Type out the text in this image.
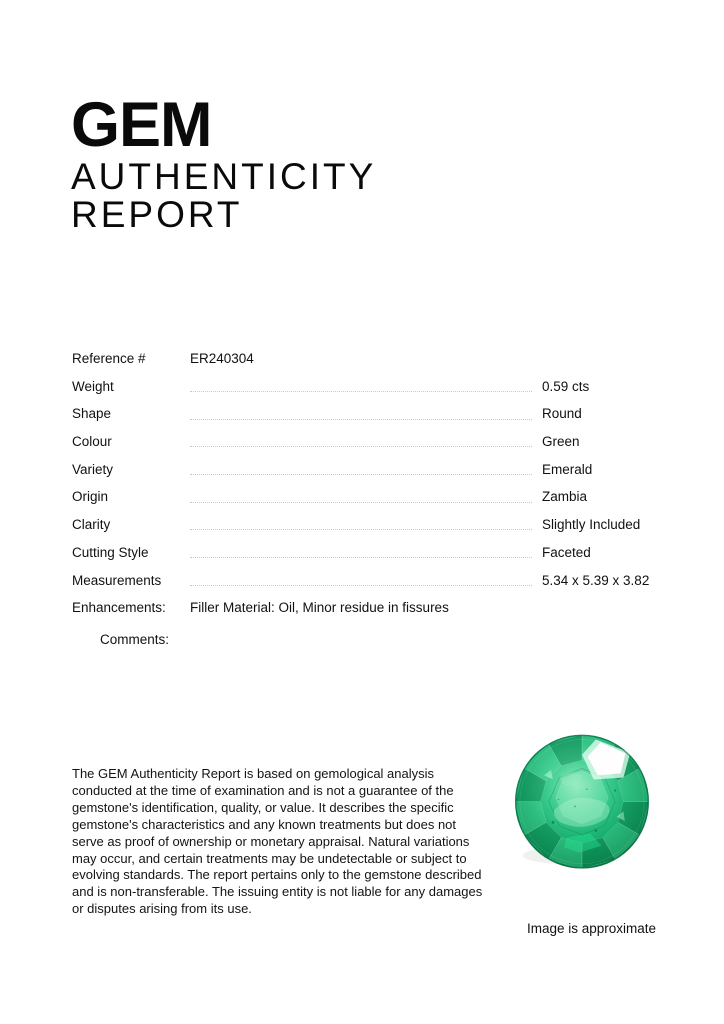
GEM
AUTHENTICITY
REPORT
Reference #	ER240304
Weight	0.59 cts
Shape	Round
Colour	Green
Variety	Emerald
Origin	Zambia
Clarity	Slightly Included
Cutting Style	Faceted
Measurements	5.34 x 5.39 x 3.82
Enhancements:	Filler Material: Oil, Minor residue in fissures
Comments:
The GEM Authenticity Report is based on gemological analysis conducted at the time of examination and is not a guarantee of the gemstone's identification, quality, or value. It describes the specific gemstone's characteristics and any known treatments but does not serve as proof of ownership or monetary appraisal. Natural variations may occur, and certain treatments may be undetectable or subject to evolving standards. The report pertains only to the gemstone described and is non-transferable. The issuing entity is not liable for any damages or disputes arising from its use.
Image is approximate
